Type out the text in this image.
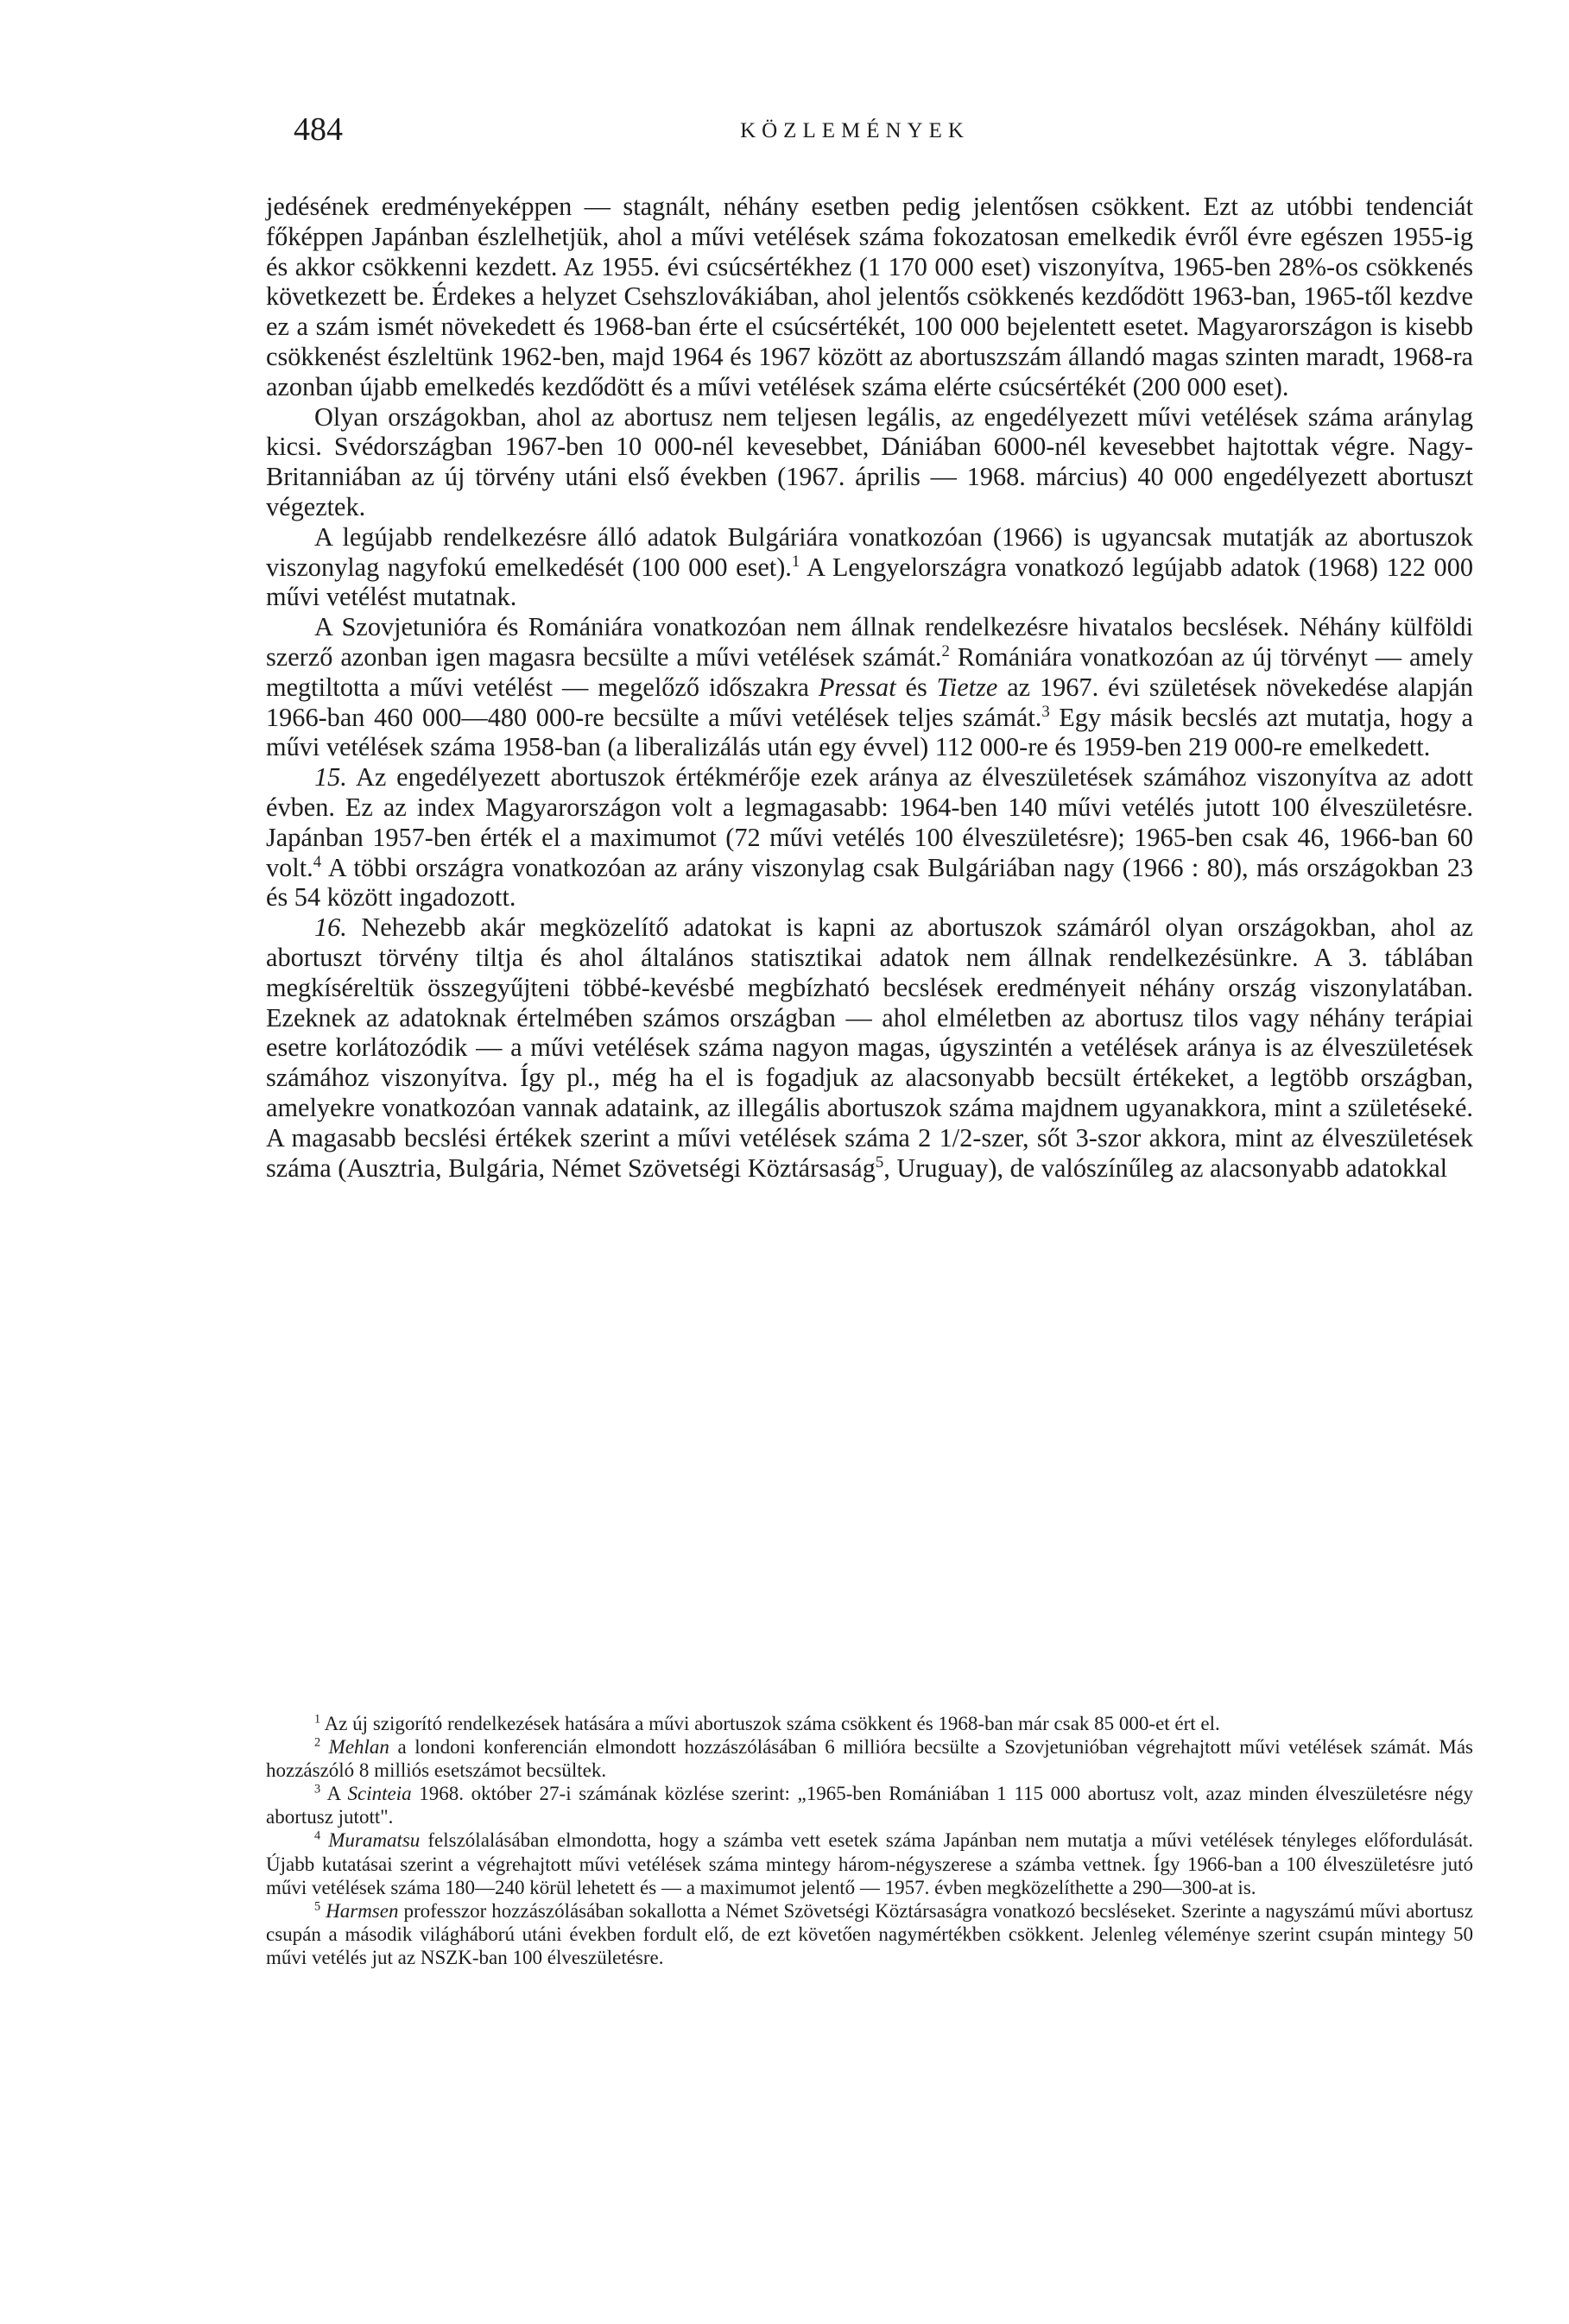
484	KÖZLEMÉNYEK

jedésének eredményeképpen — stagnált, néhány esetben pedig jelentősen csökkent. Ezt az utóbbi tendenciát főképpen Japánban észlelhetjük, ahol a művi vetélések száma fokozatosan emelkedik évről évre egészen 1955-ig és akkor csökkenni kezdett. Az 1955. évi csúcsértékhez (1 170 000 eset) viszonyítva, 1965-ben 28%-os csökkenés következett be. Érdekes a helyzet Csehszlovákiában, ahol jelentős csökkenés kezdődött 1963-ban, 1965-től kezdve ez a szám ismét növekedett és 1968-ban érte el csúcsértékét, 100 000 bejelentett esetet. Magyarországon is kisebb csökkenést észleltünk 1962-ben, majd 1964 és 1967 között az abortuszszám állandó magas szinten maradt, 1968-ra azonban újabb emelkedés kezdődött és a művi vetélések száma elérte csúcsértékét (200 000 eset).

Olyan országokban, ahol az abortusz nem teljesen legális, az engedélyezett művi vetélések száma aránylag kicsi. Svédországban 1967-ben 10 000-nél kevesebbet, Dániában 6000-nél kevesebbet hajtottak végre. Nagy-Britanniában az új törvény utáni első években (1967. április — 1968. március) 40 000 engedélyezett abortuszt végeztek.

A legújabb rendelkezésre álló adatok Bulgáriára vonatkozóan (1966) is ugyancsak mutatják az abortuszok viszonylag nagyfokú emelkedését (100 000 eset).$^1$ A Lengyelországra vonatkozó legújabb adatok (1968) 122 000 művi vetélést mutatnak.

A Szovjetunióra és Romániára vonatkozóan nem állnak rendelkezésre hivatalos becslések. Néhány külföldi szerző azonban igen magasra becsülte a művi vetélések számát.$^2$ Romániára vonatkozóan az új törvényt — amely megtiltotta a művi vetélést — megelőző időszakra Pressat és Tietze az 1967. évi születések növekedése alapján 1966-ban 460 000—480 000-re becsülte a művi vetélések teljes számát.$^3$ Egy másik becslés azt mutatja, hogy a művi vetélések száma 1958-ban (a liberalizálás után egy évvel) 112 000-re és 1959-ben 219 000-re emelkedett.

15. Az engedélyezett abortuszok értékmérője ezek aránya az élveszületések számához viszonyítva az adott évben. Ez az index Magyarországon volt a legmagasabb: 1964-ben 140 művi vetélés jutott 100 élveszületésre. Japánban 1957-ben érték el a maximumot (72 művi vetélés 100 élveszületésre); 1965-ben csak 46, 1966-ban 60 volt.$^4$ A többi országra vonatkozóan az arány viszonylag csak Bulgáriában nagy (1966 : 80), más országokban 23 és 54 között ingadozott.

16. Nehezebb akár megközelítő adatokat is kapni az abortuszok számáról olyan országokban, ahol az abortuszt törvény tiltja és ahol általános statisztikai adatok nem állnak rendelkezésünkre. A 3. táblában megkíséreltük összegyűjteni többé-kevésbé megbízható becslések eredményeit néhány ország viszonylatában. Ezeknek az adatoknak értelmében számos országban — ahol elméletben az abortusz tilos vagy néhány terápiai esetre korlátozódik — a művi vetélések száma nagyon magas, úgyszintén a vetélések aránya is az élveszületések számához viszonyítva. Így pl., még ha el is fogadjuk az alacsonyabb becsült értékeket, a legtöbb országban, amelyekre vonatkozóan vannak adataink, az illegális abortuszok száma majdnem ugyanakkora, mint a születéseké. A magasabb becslési értékek szerint a művi vetélések száma 2 1/2-szer, sőt 3-szor akkora, mint az élveszületések száma (Ausztria, Bulgária, Német Szövetségi Köztársaság$^5$, Uruguay), de valószínűleg az alacsonyabb adatokkal

$^1$ Az új szigorító rendelkezések hatására a művi abortuszok száma csökkent és 1968-ban már csak 85 000-et ért el.

$^2$ Mehlan a londoni konferencián elmondott hozzászólásában 6 millióra becsülte a Szovjetunióban végrehajtott művi vetélések számát. Más hozzászóló 8 milliós esetszámot becsültek.

$^3$ A Scinteia 1968. október 27-i számának közlése szerint: „1965-ben Romániában 1 115 000 abortusz volt, azaz minden élveszületésre négy abortusz jutott".

$^4$ Muramatsu felszólalásában elmondotta, hogy a számba vett esetek száma Japánban nem mutatja a művi vetélések tényleges előfordulását. Újabb kutatásai szerint a végrehajtott művi vetélések száma mintegy három-négyszerese a számba vettnek. Így 1966-ban a 100 élveszületésre jutó művi vetélések száma 180—240 körül lehetett és — a maximumot jelentő — 1957. évben megközelíthette a 290—300-at is.

$^5$ Harmsen professzor hozzászólásában sokallotta a Német Szövetségi Köztársaságra vonatkozó becsléseket. Szerinte a nagyszámú művi abortusz csupán a második világháború utáni években fordult elő, de ezt követően nagymértékben csökkent. Jelenleg véleménye szerint csupán mintegy 50 művi vetélés jut az NSZK-ban 100 élveszületésre.
